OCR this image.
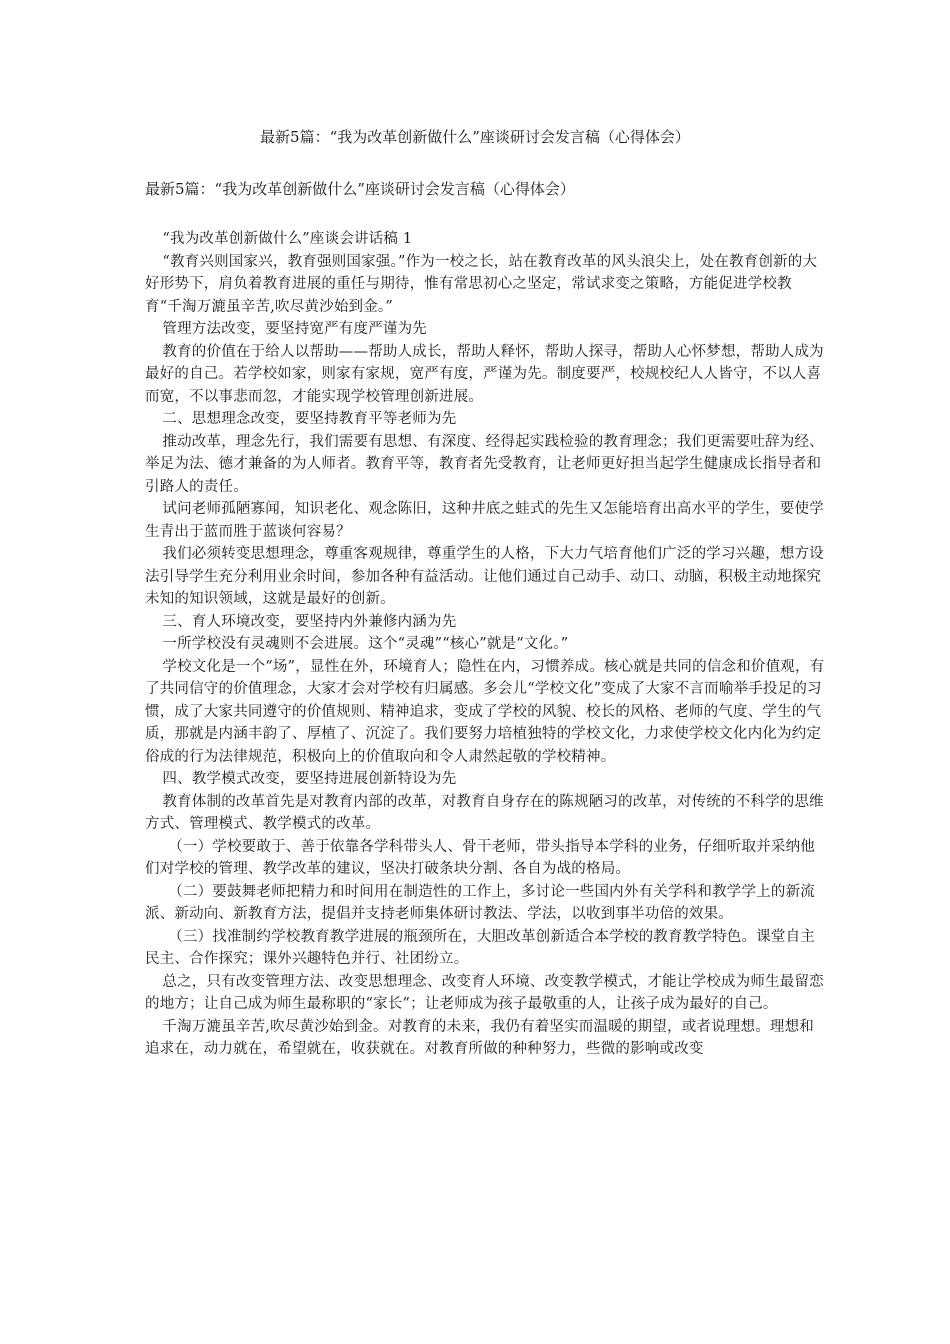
最新5篇：“我为改革创新做什么”座谈研讨会发言稿（心得体会）
最新5篇：“我为改革创新做什么”座谈研讨会发言稿（心得体会）

“我为改革创新做什么”座谈会讲话稿 1

“教育兴则国家兴，教育强则国家强。”作为一校之长，站在教育改革的风头浪尖上，处在教育创新的大好形势下，肩负着教育进展的重任与期待，惟有常思初心之坚定，常试求变之策略，方能促进学校教育“千淘万漉虽辛苦,吹尽黄沙始到金。”

管理方法改变，要坚持宽严有度严谨为先

教育的价值在于给人以帮助——帮助人成长，帮助人释怀，帮助人探寻，帮助人心怀梦想，帮助人成为最好的自己。若学校如家，则家有家规，宽严有度，严谨为先。制度要严，校规校纪人人皆守，不以人喜而宽，不以事悲而忽，才能实现学校管理创新进展。

二、思想理念改变，要坚持教育平等老师为先

推动改革，理念先行，我们需要有思想、有深度、经得起实践检验的教育理念；我们更需要吐辞为经、举足为法、德才兼备的为人师者。教育平等，教育者先受教育，让老师更好担当起学生健康成长指导者和引路人的责任。

试问老师孤陋寡闻，知识老化、观念陈旧，这种井底之蛙式的先生又怎能培育出高水平的学生，要使学生青出于蓝而胜于蓝谈何容易？

我们必须转变思想理念，尊重客观规律，尊重学生的人格，下大力气培育他们广泛的学习兴趣，想方设法引导学生充分利用业余时间，参加各种有益活动。让他们通过自己动手、动口、动脑，积极主动地探究未知的知识领域，这就是最好的创新。

三、育人环境改变，要坚持内外兼修内涵为先

一所学校没有灵魂则不会进展。这个“灵魂”“核心”就是“文化。”

学校文化是一个“场”，显性在外，环境育人；隐性在内，习惯养成。核心就是共同的信念和价值观，有了共同信守的价值理念，大家才会对学校有归属感。多会儿“学校文化”变成了大家不言而喻举手投足的习惯，成了大家共同遵守的价值规则、精神追求，变成了学校的风貌、校长的风格、老师的气度、学生的气质，那就是内涵丰韵了、厚植了、沉淀了。我们要努力培植独特的学校文化，力求使学校文化内化为约定俗成的行为法律规范，积极向上的价值取向和令人肃然起敬的学校精神。

四、教学模式改变，要坚持进展创新特设为先

教育体制的改革首先是对教育内部的改革，对教育自身存在的陈规陋习的改革，对传统的不科学的思维方式、管理模式、教学模式的改革。

（一）学校要敢于、善于依靠各学科带头人、骨干老师，带头指导本学科的业务，仔细听取并采纳他们对学校的管理、教学改革的建议，坚决打破条块分割、各自为战的格局。

（二）要鼓舞老师把精力和时间用在制造性的工作上，多讨论一些国内外有关学科和教学学上的新流派、新动向、新教育方法，提倡并支持老师集体研讨教法、学法，以收到事半功倍的效果。

（三）找准制约学校教育教学进展的瓶颈所在，大胆改革创新适合本学校的教育教学特色。课堂自主民主、合作探究；课外兴趣特色并行、社团纷立。

总之，只有改变管理方法、改变思想理念、改变育人环境、改变教学模式，才能让学校成为师生最留恋的地方；让自己成为师生最称职的“家长”；让老师成为孩子最敬重的人，让孩子成为最好的自己。

千淘万漉虽辛苦,吹尽黄沙始到金。对教育的未来，我仍有着坚实而温暖的期望，或者说理想。理想和追求在，动力就在，希望就在，收获就在。对教育所做的种种努力，些微的影响或改变
